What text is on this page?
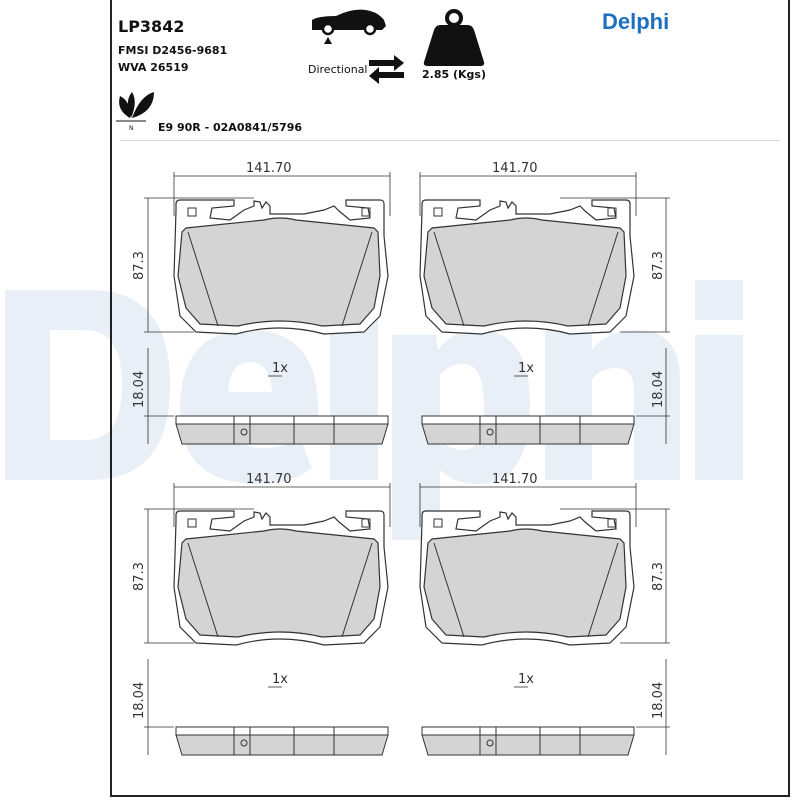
LP3842
FMSI D2456-9681
WVA 26519
E9 90R - 02A0841/5796
Directional	2.85 (Kgs)
Delphi
141.70
87.3
18.04
1x
141.70
87.3
18.04
1x
141.70
87.3
18.04
1x
141.70
87.3
18.04
1x
N
